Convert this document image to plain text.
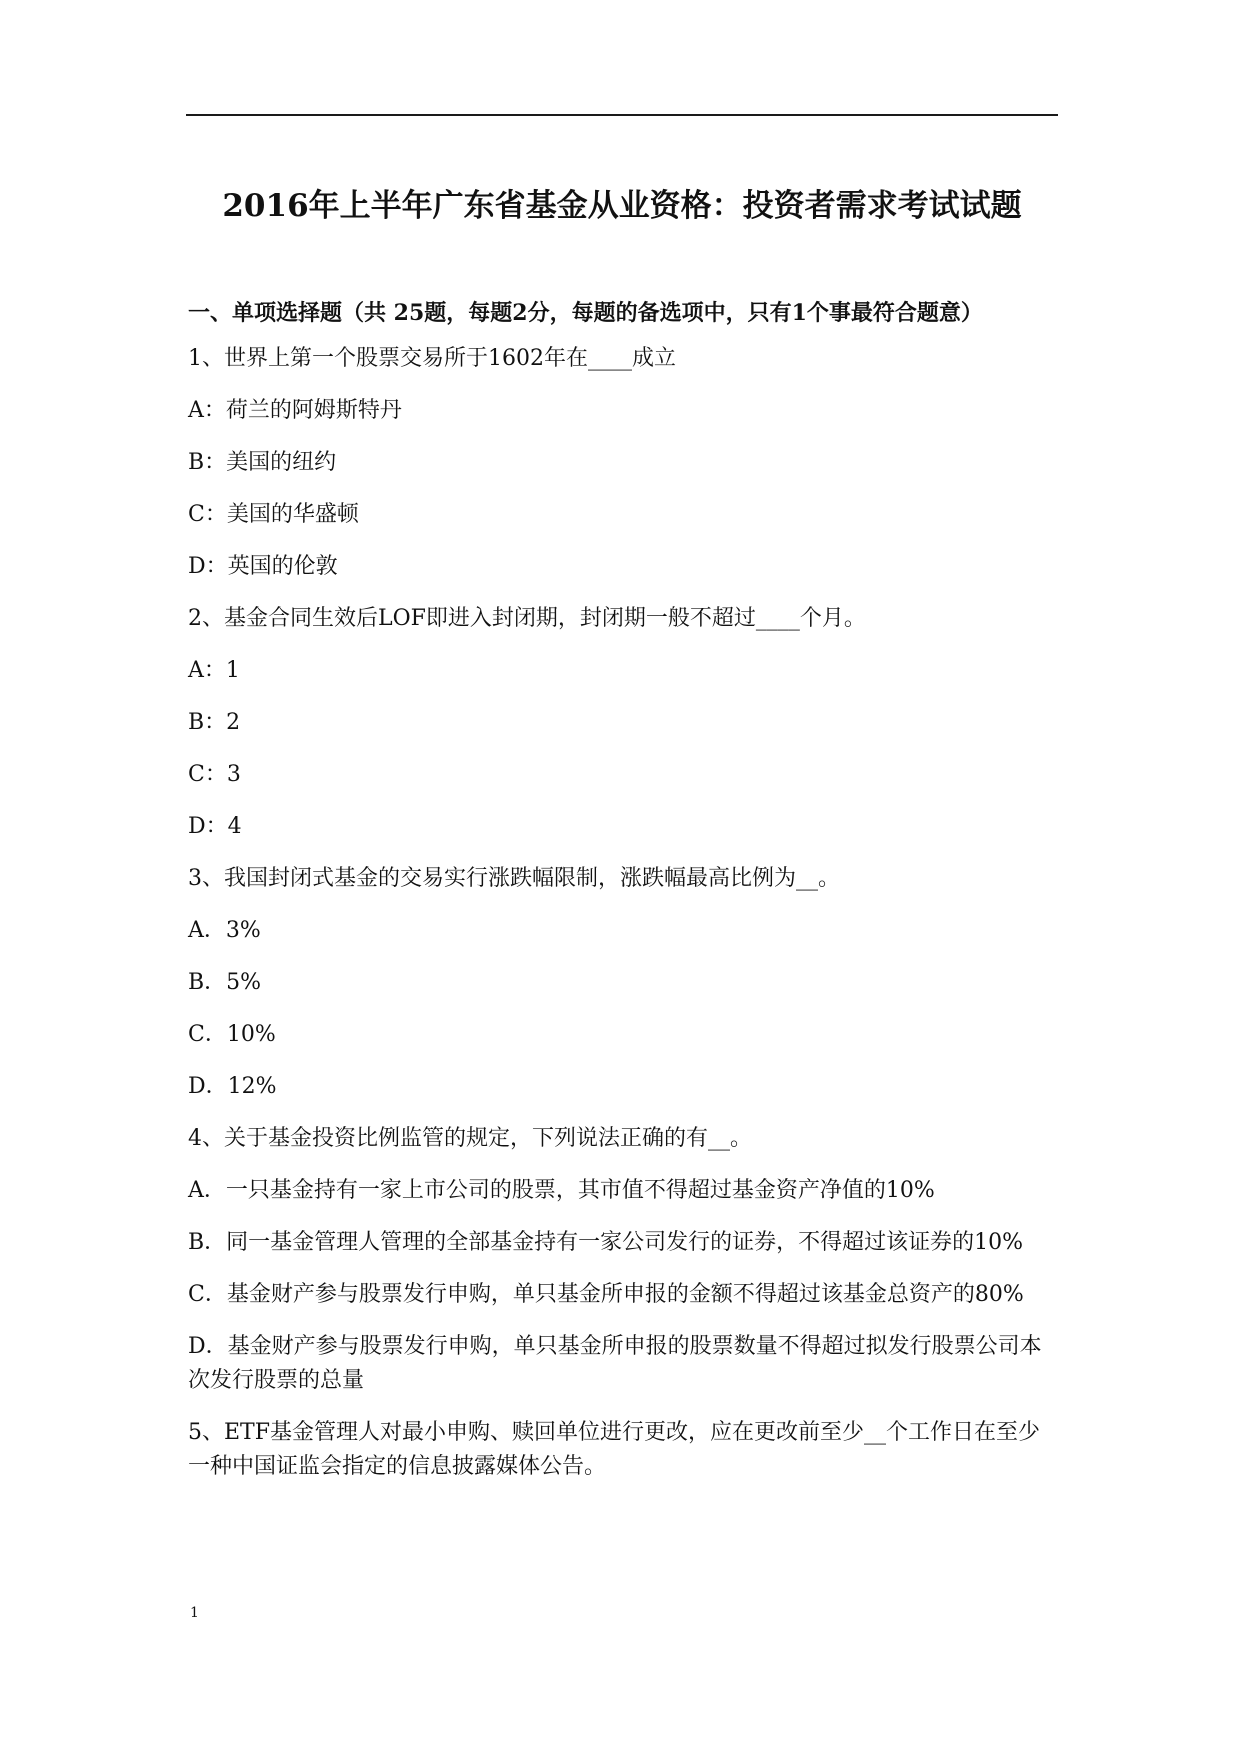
2016年上半年广东省基金从业资格：投资者需求考试试题

一、单项选择题（共 25题，每题2分，每题的备选项中，只有1个事最符合题意）

1、世界上第一个股票交易所于1602年在____成立

A：荷兰的阿姆斯特丹

B：美国的纽约

C：美国的华盛顿

D：英国的伦敦

2、基金合同生效后LOF即进入封闭期，封闭期一般不超过____个月。

A：1

B：2

C：3

D：4

3、我国封闭式基金的交易实行涨跌幅限制，涨跌幅最高比例为__。

A．3%

B．5%

C．10%

D．12%

4、关于基金投资比例监管的规定，下列说法正确的有__。

A．一只基金持有一家上市公司的股票，其市值不得超过基金资产净值的10%

B．同一基金管理人管理的全部基金持有一家公司发行的证券，不得超过该证券的10%

C．基金财产参与股票发行申购，单只基金所申报的金额不得超过该基金总资产的80%

D．基金财产参与股票发行申购，单只基金所申报的股票数量不得超过拟发行股票公司本次发行股票的总量

5、ETF基金管理人对最小申购、赎回单位进行更改，应在更改前至少__个工作日在至少一种中国证监会指定的信息披露媒体公告。

1
